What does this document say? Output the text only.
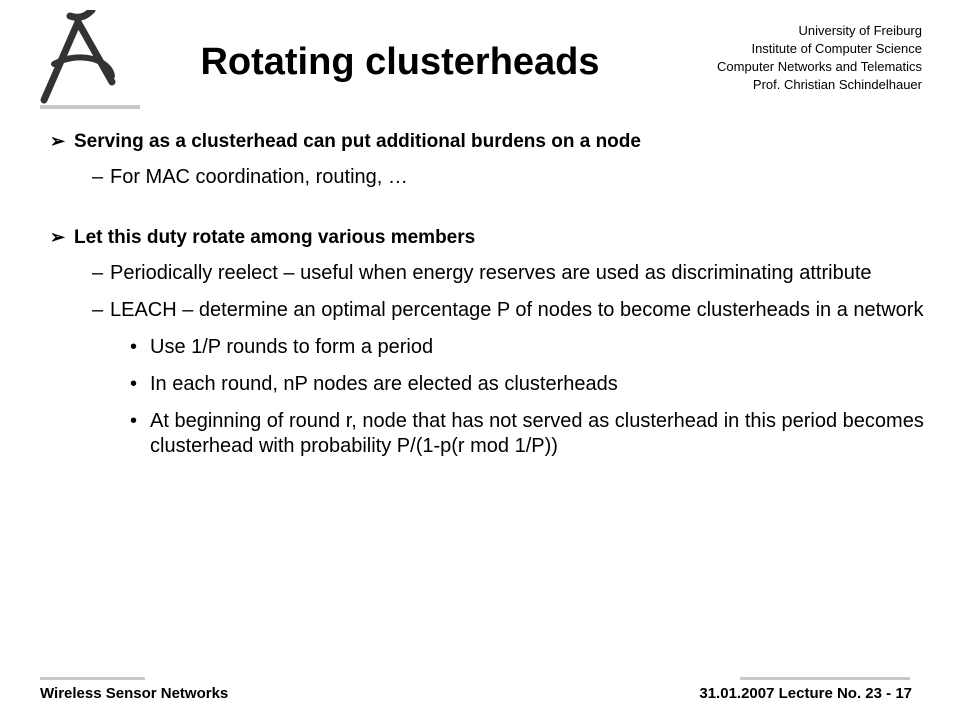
Rotating clusterheads
University of Freiburg
Institute of Computer Science
Computer Networks and Telematics
Prof. Christian Schindelhauer
➢ Serving as a clusterhead can put additional burdens on a node
– For MAC coordination, routing, …
➢ Let this duty rotate among various members
– Periodically reelect – useful when energy reserves are used as discriminating attribute
– LEACH – determine an optimal percentage P of nodes to become clusterheads in a network
• Use 1/P rounds to form a period
• In each round, nP nodes are elected as clusterheads
• At beginning of round r, node that has not served as clusterhead in this period becomes clusterhead with probability P/(1-p(r mod 1/P))
Wireless Sensor Networks	31.01.2007 Lecture No. 23 - 17
